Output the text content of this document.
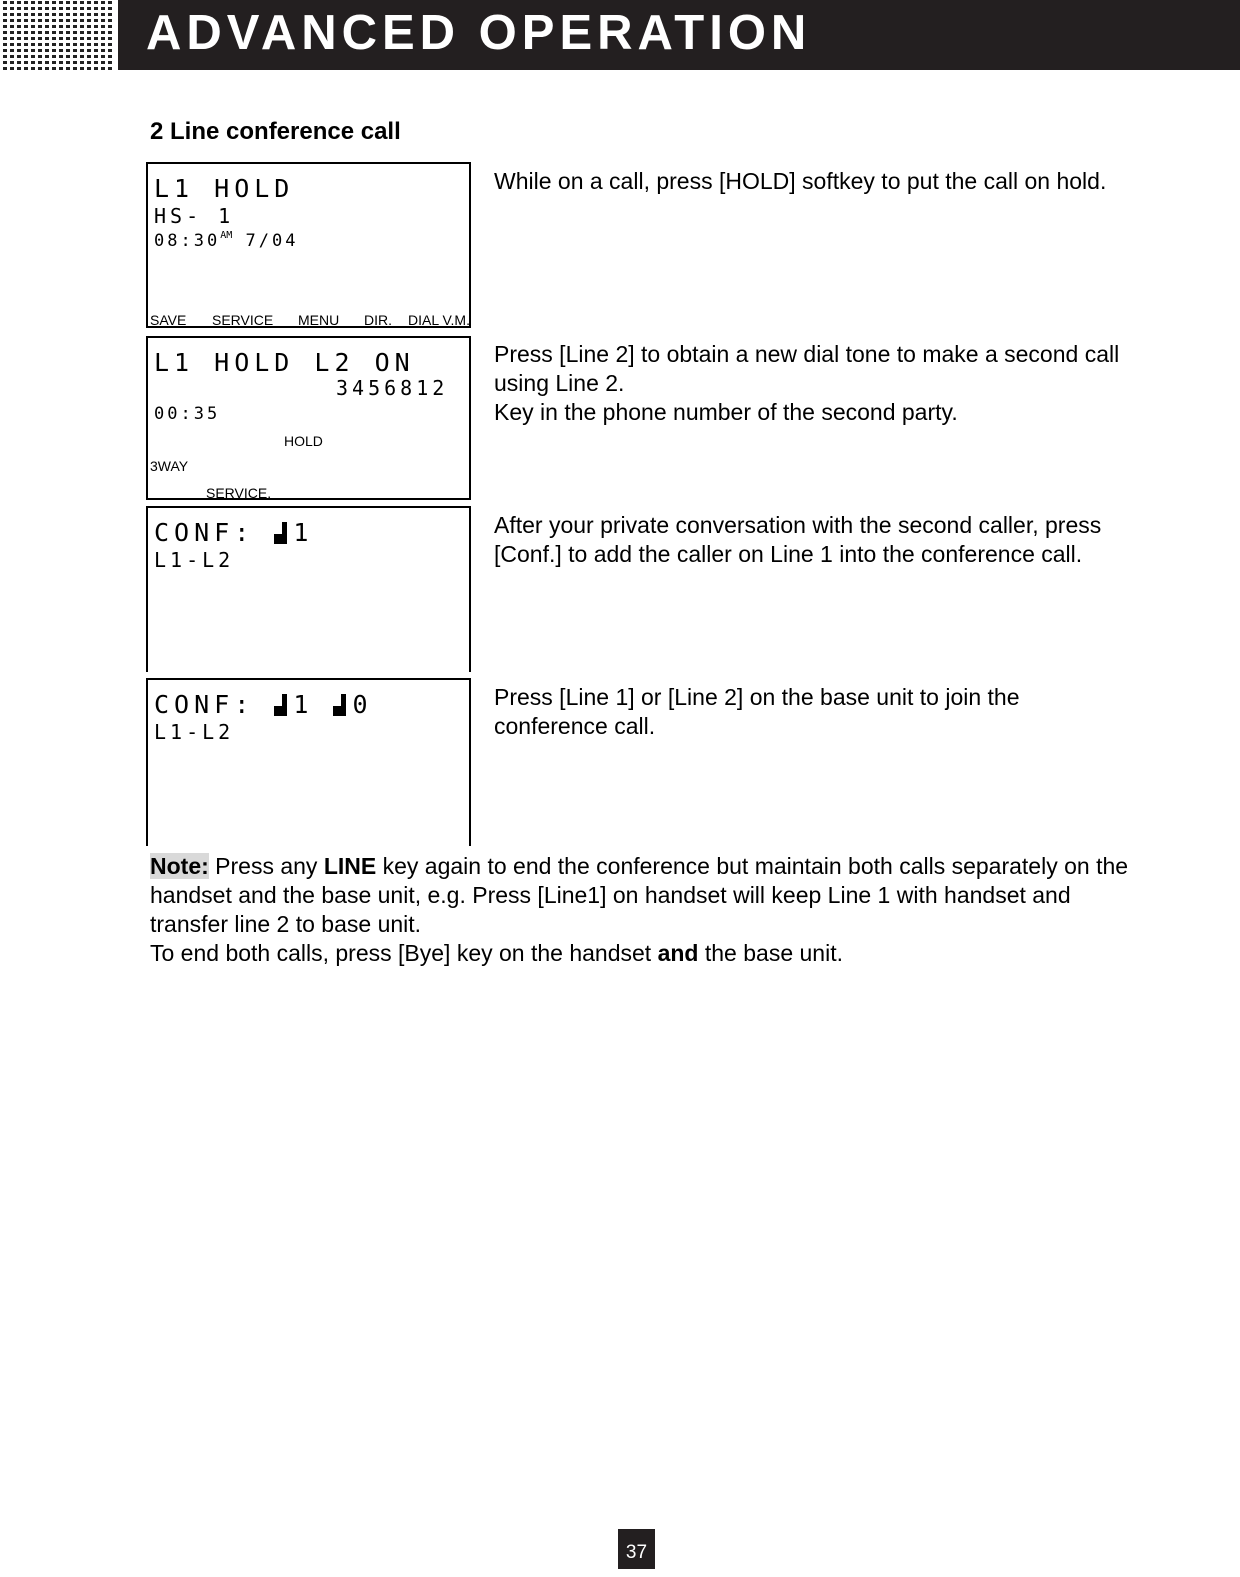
ADVANCED OPERATION
2 Line conference call
L1 HOLD
HS- 1
$08:30^{AM}$ 7/04
SAVE SERVICE MENU DIR. DIAL V.M.

While on a call, press [HOLD] softkey to put the call on hold.

L1 HOLD L2 ON
3456812
00:35
HOLD
3WAY
SERVICE.

Press [Line 2] to obtain a new dial tone to make a second call using Line 2.
Key in the phone number of the second party.

CONF: 1
L1-L2

After your private conversation with the second caller, press [Conf.] to add the caller on Line 1 into the conference call.

CONF: 1 0
L1-L2

Press [Line 1] or [Line 2] on the base unit to join the conference call.

Note: Press any LINE key again to end the conference but maintain both calls separately on the handset and the base unit, e.g. Press [Line1] on handset will keep Line 1 with handset and transfer line 2 to base unit.
To end both calls, press [Bye] key on the handset and the base unit.

37
